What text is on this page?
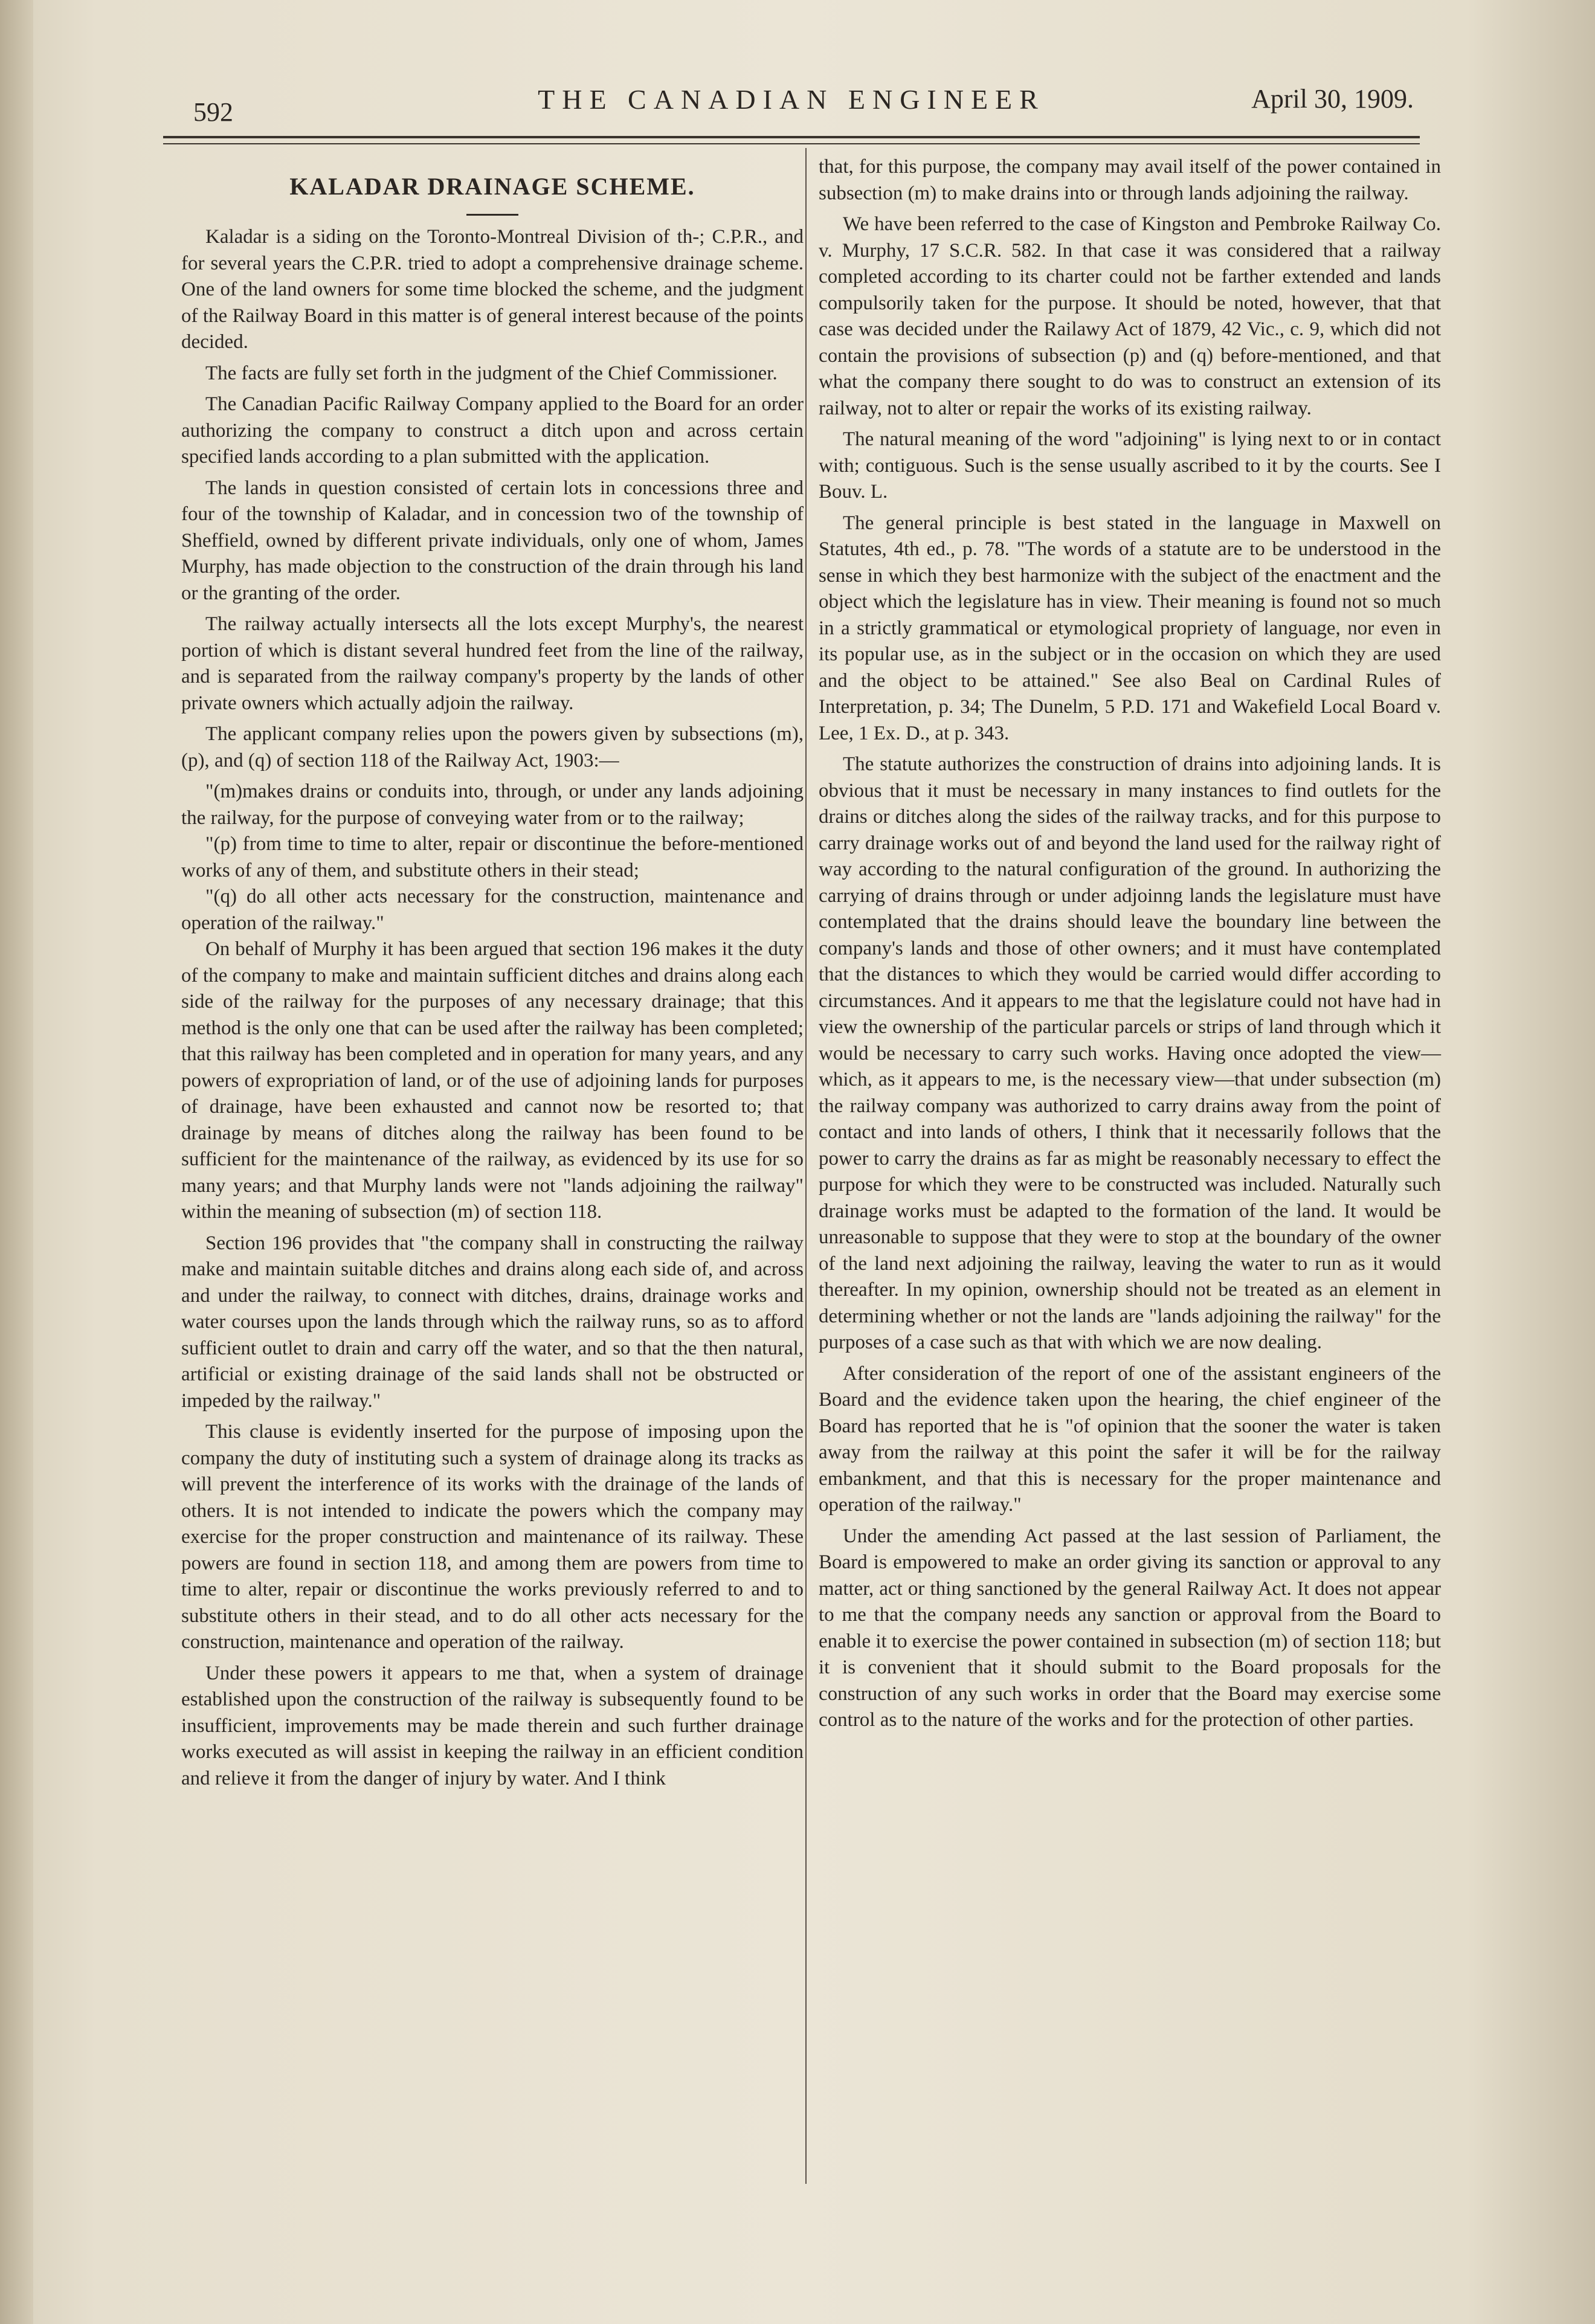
592	THE CANADIAN ENGINEER	April 30, 1909.
KALADAR DRAINAGE SCHEME.

Kaladar is a siding on the Toronto-Montreal Division of th-; C.P.R., and for several years the C.P.R. tried to adopt a comprehensive drainage scheme. One of the land owners for some time blocked the scheme, and the judgment of the Railway Board in this matter is of general interest because of the points decided.

The facts are fully set forth in the judgment of the Chief Commissioner.

The Canadian Pacific Railway Company applied to the Board for an order authorizing the company to construct a ditch upon and across certain specified lands according to a plan submitted with the application.

The lands in question consisted of certain lots in concessions three and four of the township of Kaladar, and in concession two of the township of Sheffield, owned by different private individuals, only one of whom, James Murphy, has made objection to the construction of the drain through his land or the granting of the order.

The railway actually intersects all the lots except Murphy's, the nearest portion of which is distant several hundred feet from the line of the railway, and is separated from the railway company's property by the lands of other private owners which actually adjoin the railway.

The applicant company relies upon the powers given by subsections (m), (p), and (q) of section 118 of the Railway Act, 1903:—

"(m)makes drains or conduits into, through, or under any lands adjoining the railway, for the purpose of conveying water from or to the railway;

"(p) from time to time to alter, repair or discontinue the before-mentioned works of any of them, and substitute others in their stead;

"(q) do all other acts necessary for the construction, maintenance and operation of the railway."

On behalf of Murphy it has been argued that section 196 makes it the duty of the company to make and maintain sufficient ditches and drains along each side of the railway for the purposes of any necessary drainage; that this method is the only one that can be used after the railway has been completed; that this railway has been completed and in operation for many years, and any powers of expropriation of land, or of the use of adjoining lands for purposes of drainage, have been exhausted and cannot now be resorted to; that drainage by means of ditches along the railway has been found to be sufficient for the maintenance of the railway, as evidenced by its use for so many years; and that Murphy lands were not "lands adjoining the railway" within the meaning of subsection (m) of section 118.

Section 196 provides that "the company shall in constructing the railway make and maintain suitable ditches and drains along each side of, and across and under the railway, to connect with ditches, drains, drainage works and water courses upon the lands through which the railway runs, so as to afford sufficient outlet to drain and carry off the water, and so that the then natural, artificial or existing drainage of the said lands shall not be obstructed or impeded by the railway."

This clause is evidently inserted for the purpose of imposing upon the company the duty of instituting such a system of drainage along its tracks as will prevent the interference of its works with the drainage of the lands of others. It is not intended to indicate the powers which the company may exercise for the proper construction and maintenance of its railway. These powers are found in section 118, and among them are powers from time to time to alter, repair or discontinue the works previously referred to and to substitute others in their stead, and to do all other acts necessary for the construction, maintenance and operation of the railway.

Under these powers it appears to me that, when a system of drainage established upon the construction of the railway is subsequently found to be insufficient, improvements may be made therein and such further drainage works executed as will assist in keeping the railway in an efficient condition and relieve it from the danger of injury by water. And I think

that, for this purpose, the company may avail itself of the power contained in subsection (m) to make drains into or through lands adjoining the railway.

We have been referred to the case of Kingston and Pembroke Railway Co. v. Murphy, 17 S.C.R. 582. In that case it was considered that a railway completed according to its charter could not be farther extended and lands compulsorily taken for the purpose. It should be noted, however, that that case was decided under the Railawy Act of 1879, 42 Vic., c. 9, which did not contain the provisions of subsection (p) and (q) before-mentioned, and that what the company there sought to do was to construct an extension of its railway, not to alter or repair the works of its existing railway.

The natural meaning of the word "adjoining" is lying next to or in contact with; contiguous. Such is the sense usually ascribed to it by the courts. See I Bouv. L.

The general principle is best stated in the language in Maxwell on Statutes, 4th ed., p. 78. "The words of a statute are to be understood in the sense in which they best harmonize with the subject of the enactment and the object which the legislature has in view. Their meaning is found not so much in a strictly grammatical or etymological propriety of language, nor even in its popular use, as in the subject or in the occasion on which they are used and the object to be attained." See also Beal on Cardinal Rules of Interpretation, p. 34; The Dunelm, 5 P.D. 171 and Wakefield Local Board v. Lee, 1 Ex. D., at p. 343.

The statute authorizes the construction of drains into adjoining lands. It is obvious that it must be necessary in many instances to find outlets for the drains or ditches along the sides of the railway tracks, and for this purpose to carry drainage works out of and beyond the land used for the railway right of way according to the natural configuration of the ground. In authorizing the carrying of drains through or under adjoinng lands the legislature must have contemplated that the drains should leave the boundary line between the company's lands and those of other owners; and it must have contemplated that the distances to which they would be carried would differ according to circumstances. And it appears to me that the legislature could not have had in view the ownership of the particular parcels or strips of land through which it would be necessary to carry such works. Having once adopted the view—which, as it appears to me, is the necessary view—that under subsection (m) the railway company was authorized to carry drains away from the point of contact and into lands of others, I think that it necessarily follows that the power to carry the drains as far as might be reasonably necessary to effect the purpose for which they were to be constructed was included. Naturally such drainage works must be adapted to the formation of the land. It would be unreasonable to suppose that they were to stop at the boundary of the owner of the land next adjoining the railway, leaving the water to run as it would thereafter. In my opinion, ownership should not be treated as an element in determining whether or not the lands are "lands adjoining the railway" for the purposes of a case such as that with which we are now dealing.

After consideration of the report of one of the assistant engineers of the Board and the evidence taken upon the hearing, the chief engineer of the Board has reported that he is "of opinion that the sooner the water is taken away from the railway at this point the safer it will be for the railway embankment, and that this is necessary for the proper maintenance and operation of the railway."

Under the amending Act passed at the last session of Parliament, the Board is empowered to make an order giving its sanction or approval to any matter, act or thing sanctioned by the general Railway Act. It does not appear to me that the company needs any sanction or approval from the Board to enable it to exercise the power contained in subsection (m) of section 118; but it is convenient that it should submit to the Board proposals for the construction of any such works in order that the Board may exercise some control as to the nature of the works and for the protection of other parties.
